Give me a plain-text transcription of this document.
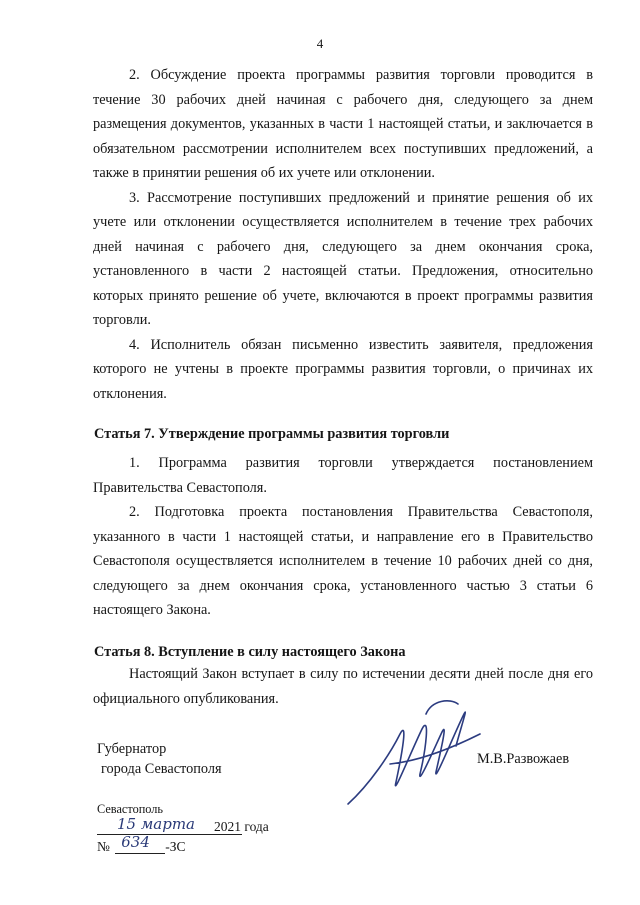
4

2. Обсуждение проекта программы развития торговли проводится в течение 30 рабочих дней начиная с рабочего дня, следующего за днем размещения документов, указанных в части 1 настоящей статьи, и заключается в обязательном рассмотрении исполнителем всех поступивших предложений, а также в принятии решения об их учете или отклонении.

3. Рассмотрение поступивших предложений и принятие решения об их учете или отклонении осуществляется исполнителем в течение трех рабочих дней начиная с рабочего дня, следующего за днем окончания срока, установленного в части 2 настоящей статьи. Предложения, относительно которых принято решение об учете, включаются в проект программы развития торговли.

4. Исполнитель обязан письменно известить заявителя, предложения которого не учтены в проекте программы развития торговли, о причинах их отклонения.

Статья 7. Утверждение программы развития торговли

1. Программа развития торговли утверждается постановлением Правительства Севастополя.

2. Подготовка проекта постановления Правительства Севастополя, указанного в части 1 настоящей статьи, и направление его в Правительство Севастополя осуществляется исполнителем в течение 10 рабочих дней со дня, следующего за днем окончания срока, установленного частью 3 статьи 6 настоящего Закона.

Статья 8. Вступление в силу настоящего Закона

Настоящий Закон вступает в силу по истечении десяти дней после дня его официального опубликования.

Губернатор
города Севастополя
М.В.Развожаев
Севастополь
15 марта 2021 года
№ 634 -ЗС
